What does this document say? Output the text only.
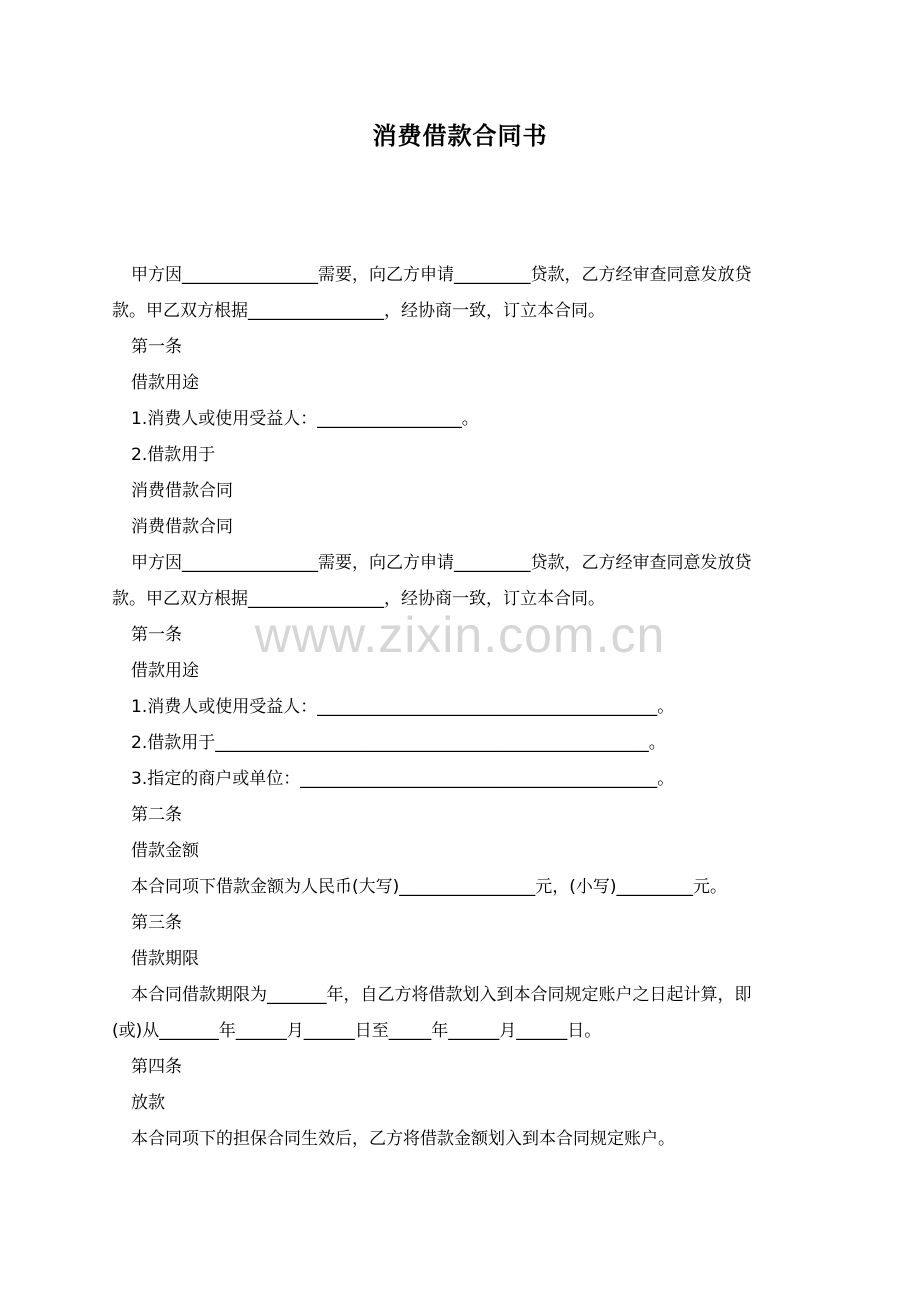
消费借款合同书
甲方因________________需要，向乙方申请_________贷款，乙方经审查同意发放贷
款。甲乙双方根据________________，经协商一致，订立本合同。
第一条
借款用途
1.消费人或使用受益人：_________________。
2.借款用于
消费借款合同
消费借款合同
甲方因________________需要，向乙方申请_________贷款，乙方经审查同意发放贷
款。甲乙双方根据________________，经协商一致，订立本合同。
第一条
借款用途
1.消费人或使用受益人：________________________________________。
2.借款用于___________________________________________________。
3.指定的商户或单位：__________________________________________。
第二条
借款金额
本合同项下借款金额为人民币(大写)________________元，(小写)_________元。
第三条
借款期限
本合同借款期限为_______年，自乙方将借款划入到本合同规定账户之日起计算，即
(或)从_______年______月______日至_____年______月______日。
第四条
放款
本合同项下的担保合同生效后，乙方将借款金额划入到本合同规定账户。
www.zixin.com.cn
